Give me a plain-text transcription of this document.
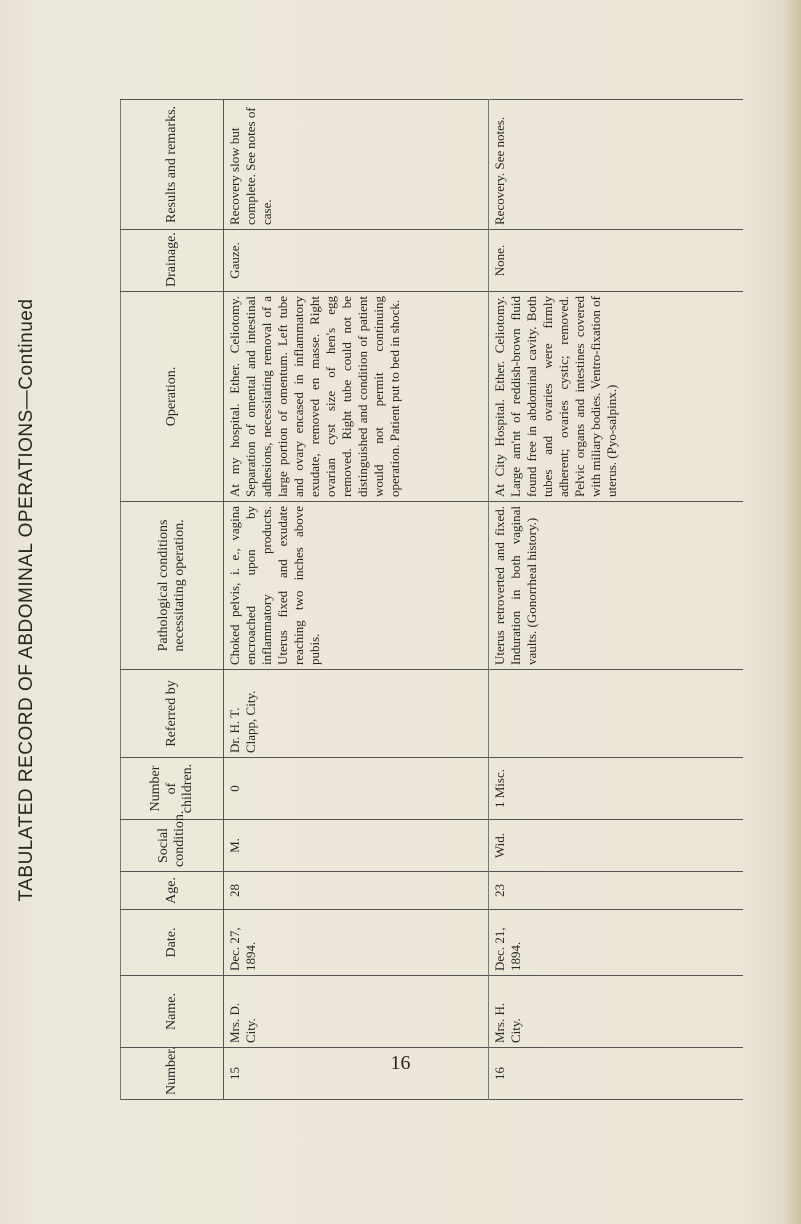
TABULATED RECORD OF ABDOMINAL OPERATIONS—Continued
Number.	Name.	Date.	Age.	Social condition.	Number of children.	Referred by	Pathological conditions necessitating operation.	Operation.	Drainage.	Results and remarks.
15	Mrs. D. City.	Dec. 27, 1894.	28	M.	0	Dr. H. T. Clapp, City.	Choked pelvis, i. e., vagina encroached upon by inflammatory products. Uterus fixed and exudate reaching two inches above pubis.	At my hospital. Ether. Celiotomy. Separation of omental and intestinal adhesions, necessitating removal of a large portion of omentum. Left tube and ovary encased in inflammatory exudate, removed en masse. Right ovarian cyst size of hen's egg removed. Right tube could not be distinguished and condition of patient would not permit continuing operation. Patient put to bed in shock.	Gauze.	Recovery slow but complete. See notes of case.
16	Mrs. H. City.	Dec. 21, 1894.	23	Wid.	1 Misc.		Uterus retroverted and fixed. Induration in both vaginal vaults. (Gonorrheal history.)	At City Hospital. Ether. Celiotomy. Large am'nt of reddish-brown fluid found free in abdominal cavity. Both tubes and ovaries were firmly adherent; ovaries cystic; removed. Pelvic organs and intestines covered with miliary bodies. Ventro-fixation of uterus. (Pyo-salpinx.)	None.	Recovery. See notes.
16
